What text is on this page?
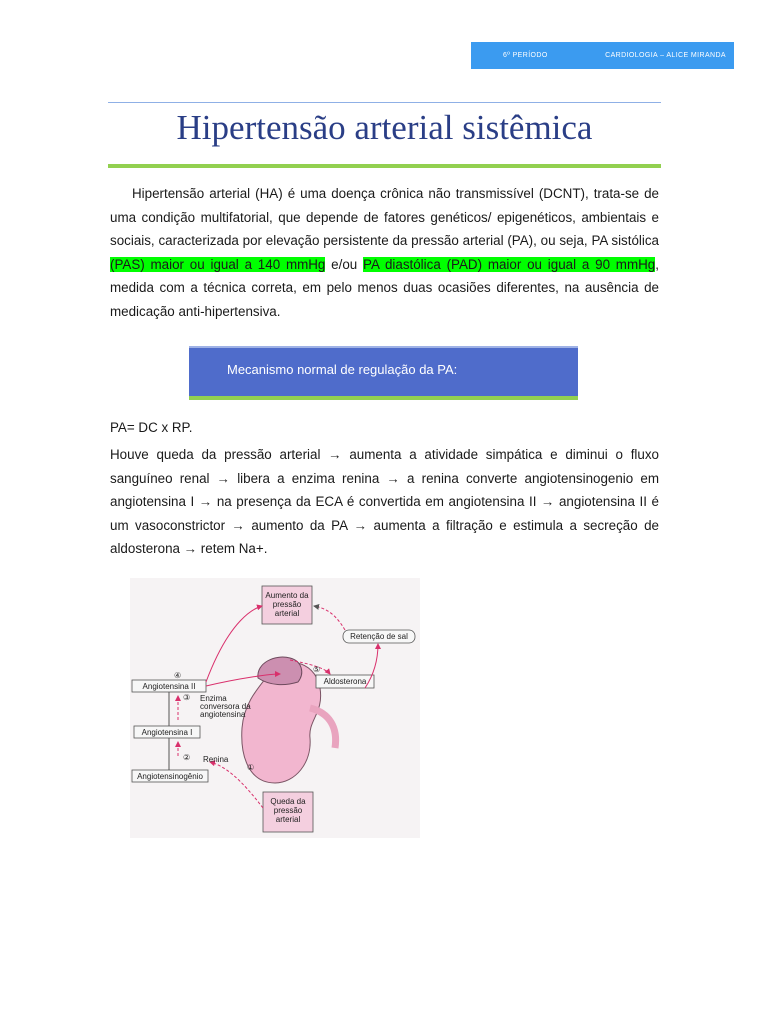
6º PERÍODO	CARDIOLOGIA – ALICE MIRANDA
Hipertensão arterial sistêmica

Hipertensão arterial (HA) é uma doença crônica não transmissível (DCNT), trata-se de uma condição multifatorial, que depende de fatores genéticos/ epigenéticos, ambientais e sociais, caracterizada por elevação persistente da pressão arterial (PA), ou seja, PA sistólica (PAS) maior ou igual a 140 mmHg e/ou PA diastólica (PAD) maior ou igual a 90 mmHg, medida com a técnica correta, em pelo menos duas ocasiões diferentes, na ausência de medicação anti-hipertensiva.

Mecanismo normal de regulação da PA:

PA= DC x RP.

Houve queda da pressão arterial → aumenta a atividade simpática e diminui o fluxo sanguíneo renal → libera a enzima renina → a renina converte angiotensinogenio em angiotensina I → na presença da ECA é convertida em angiotensina II → angiotensina II é um vasoconstrictor → aumento da PA → aumenta a filtração e estimula a secreção de aldosterona → retem Na+.

Aumento da
pressão
arterial
Retenção de sal
Aldosterona
Angiotensina II
Angiotensina I
Angiotensinogênio
Queda da
pressão
arterial
④
③
②
①
⑤
Enzima
conversora da
angiotensina
Renina
